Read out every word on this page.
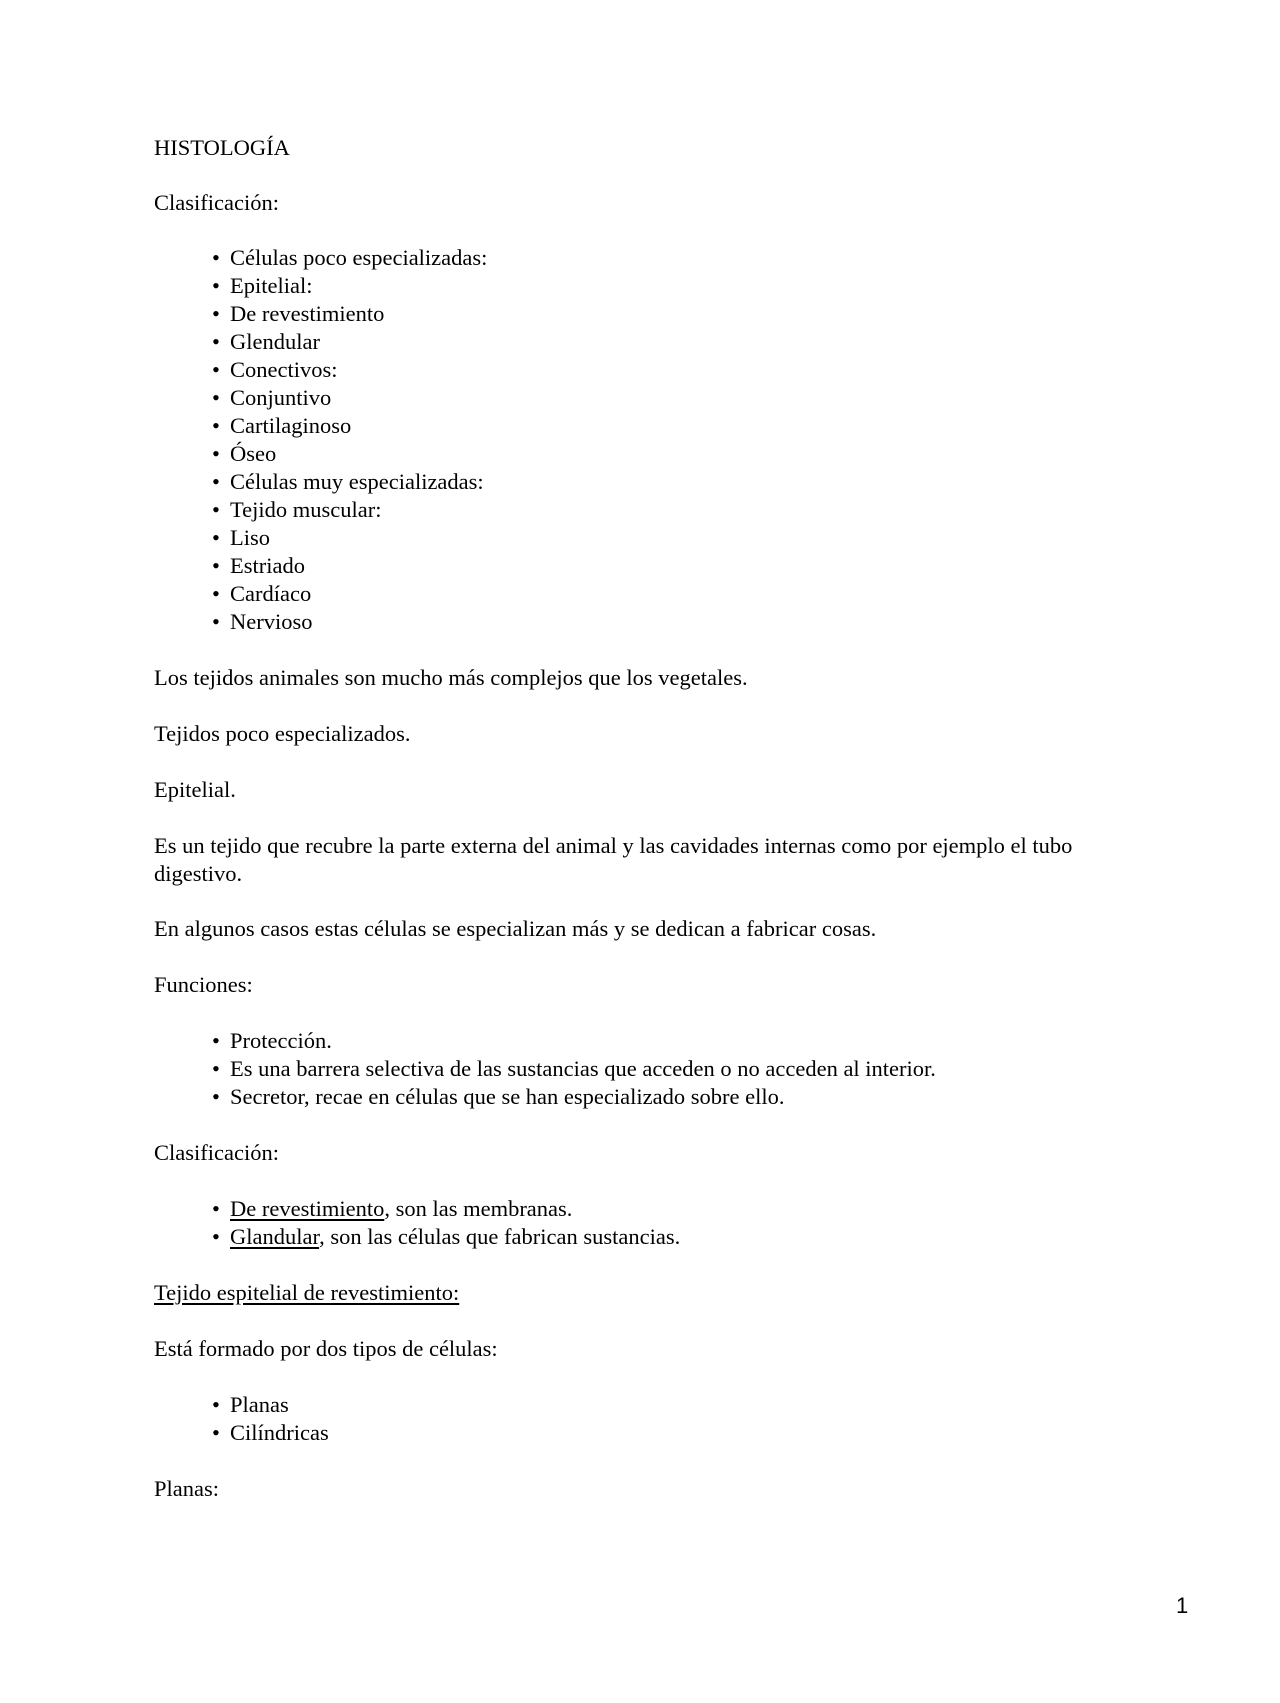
HISTOLOGÍA
Clasificación:
• Células poco especializadas:
• Epitelial:
• De revestimiento
• Glendular
• Conectivos:
• Conjuntivo
• Cartilaginoso
• Óseo
• Células muy especializadas:
• Tejido muscular:
• Liso
• Estriado
• Cardíaco
• Nervioso
Los tejidos animales son mucho más complejos que los vegetales.
Tejidos poco especializados.
Epitelial.
Es un tejido que recubre la parte externa del animal y las cavidades internas como por ejemplo el tubo digestivo.
En algunos casos estas células se especializan más y se dedican a fabricar cosas.
Funciones:
• Protección.
• Es una barrera selectiva de las sustancias que acceden o no acceden al interior.
• Secretor, recae en células que se han especializado sobre ello.
Clasificación:
• De revestimiento, son las membranas.
• Glandular, son las células que fabrican sustancias.
Tejido espitelial de revestimiento:
Está formado por dos tipos de células:
• Planas
• Cilíndricas
Planas:
1
